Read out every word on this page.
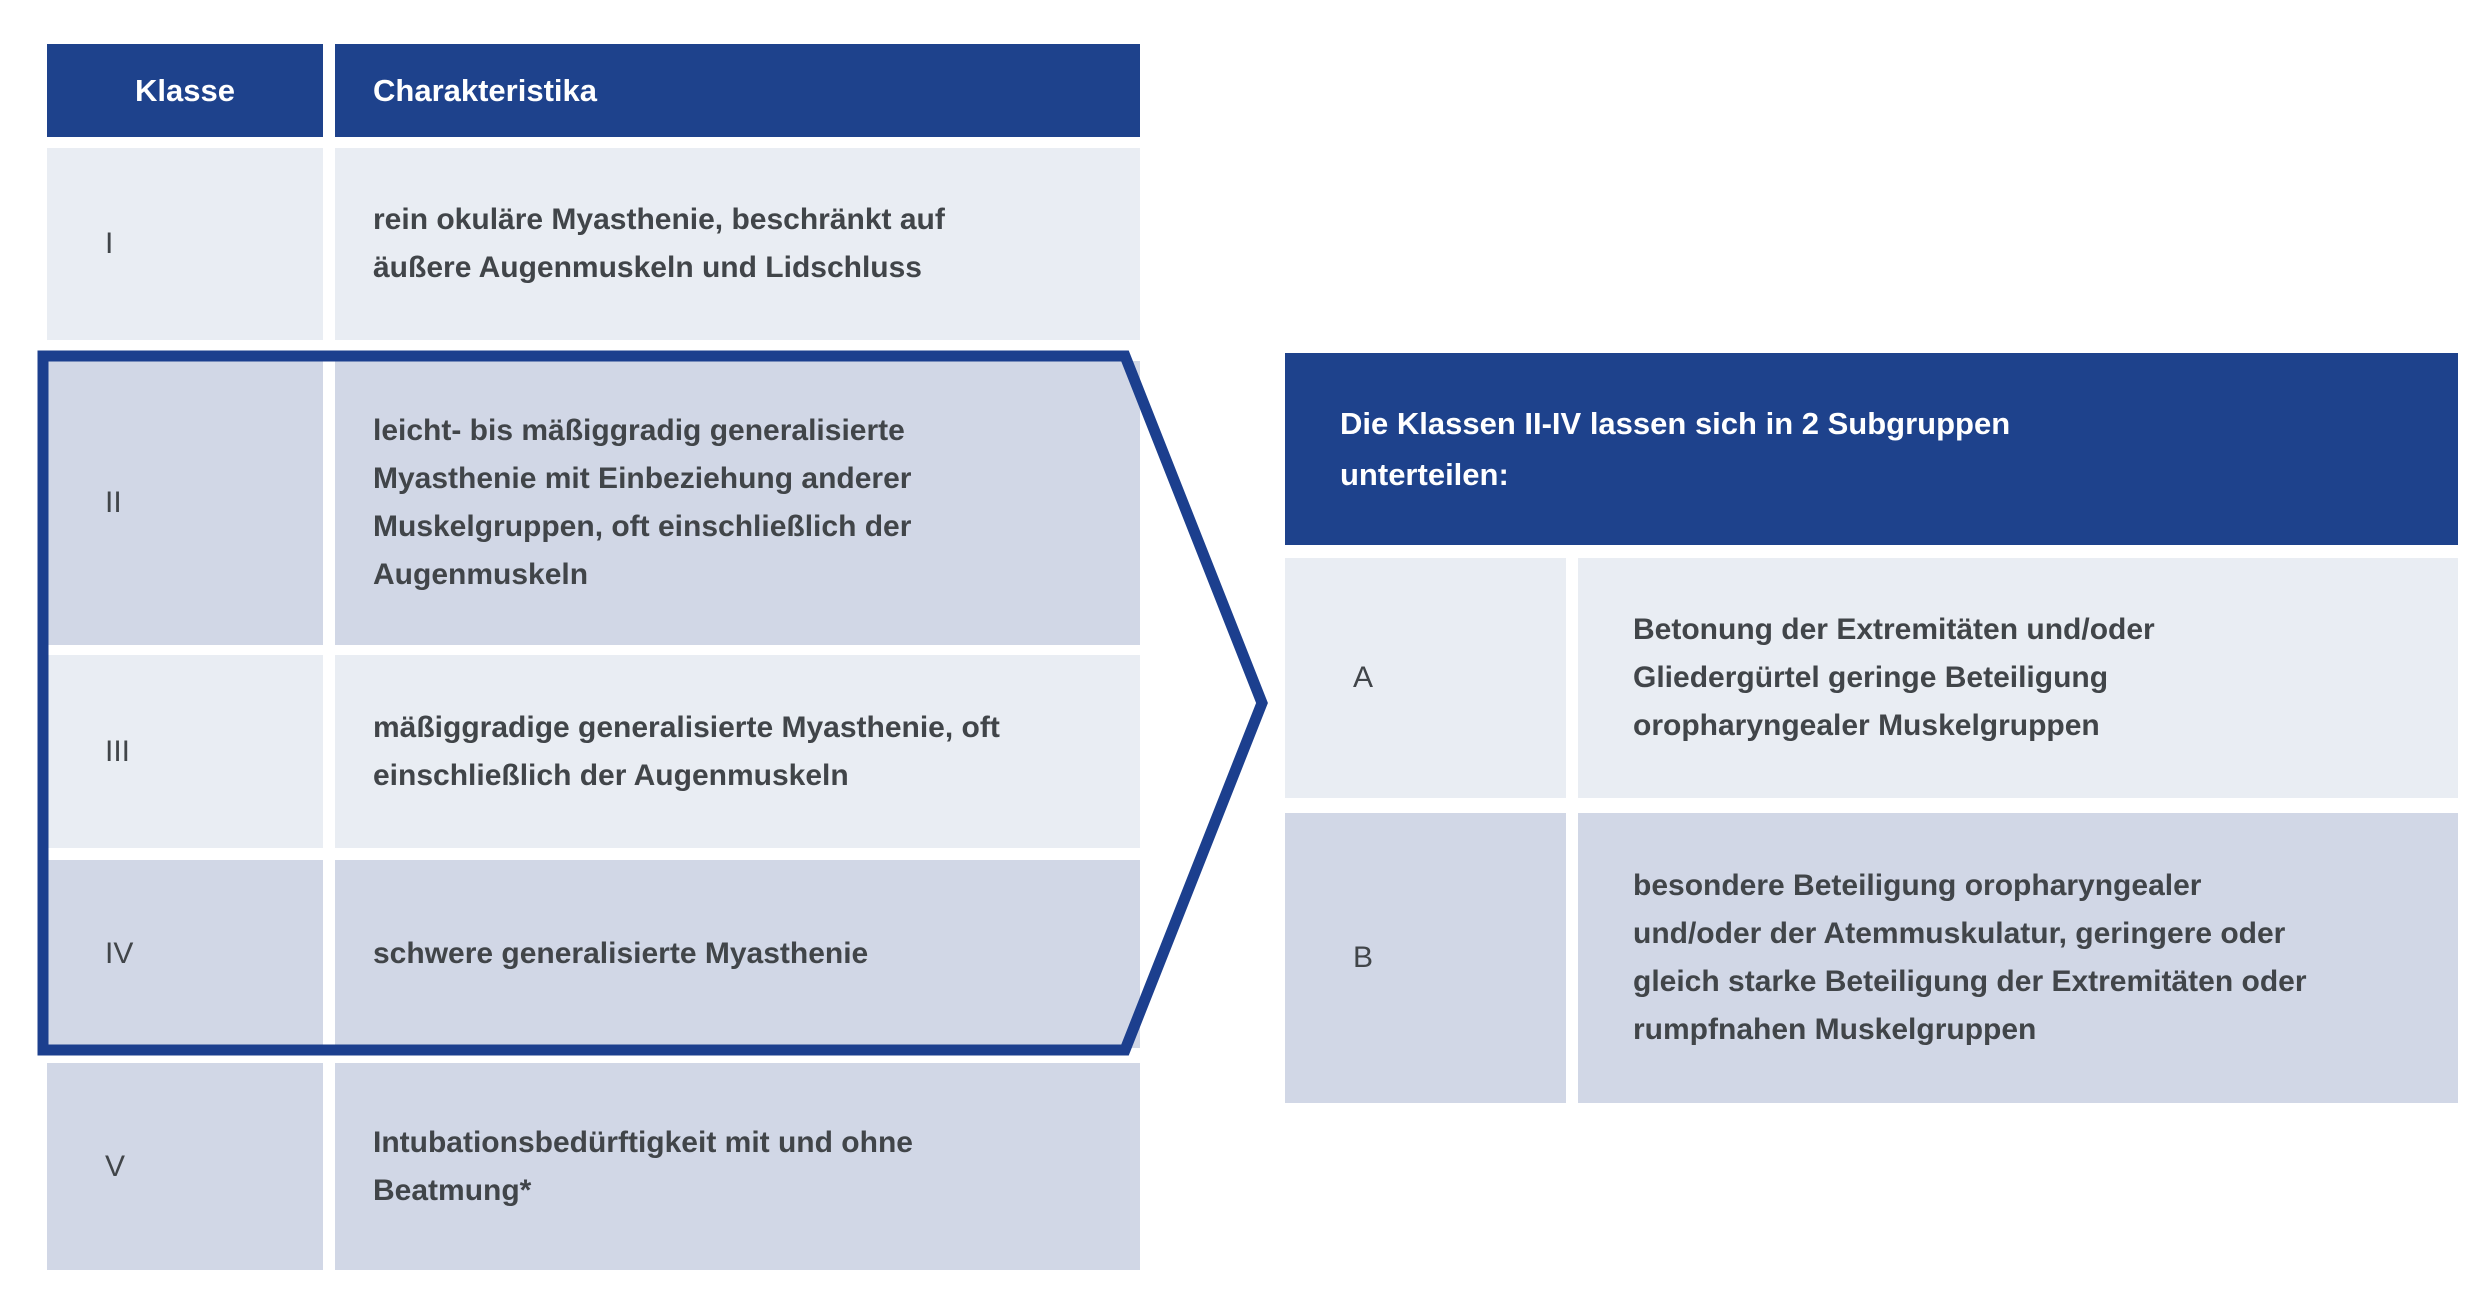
Klasse	Charakteristika
I
rein okuläre Myasthenie, beschränkt auf äußere Augenmuskeln und Lidschluss
II
leicht- bis mäßiggradig generalisierte Myasthenie mit Einbeziehung anderer Muskelgruppen, oft einschließlich der Augenmuskeln
III
mäßiggradige generalisierte Myasthenie, oft einschließlich der Augenmuskeln
IV	schwere generalisierte Myasthenie
V
Intubationsbedürftigkeit mit und ohne Beatmung*
Die Klassen II-IV lassen sich in 2 Subgruppen unterteilen:
A
Betonung der Extremitäten und/oder Gliedergürtel geringe Beteiligung oropharyngealer Muskelgruppen
B
besondere Beteiligung oropharyngealer und/oder der Atemmuskulatur, geringere oder gleich starke Beteiligung der Extremitäten oder rumpfnahen Muskelgruppen
